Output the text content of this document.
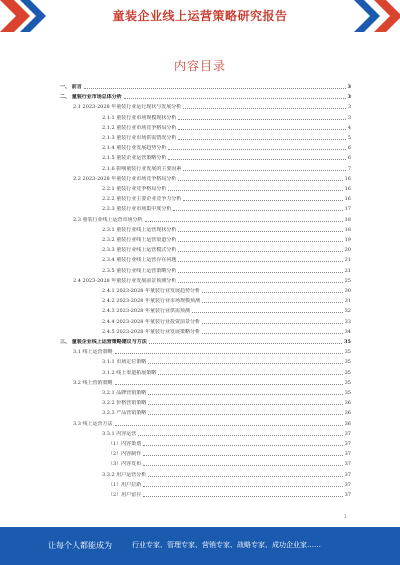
童装企业线上运营策略研究报告
内容目录
一、 前言	3
二、 童装行业市场总体分析	3
2.1 2023-2028 年童装行业运行现状与发展分析	3
2.1.1 童装行业市场规模现状分析	3
2.1.2 童装行业市场竞争格局分析	4
2.1.3 童装行业市场供需情况分析	5
2.1.4 童装行业发展趋势分析	6
2.1.5 童装企业运营策略分析	6
2.1.6 影响童装行业发展的主要因素	7
2.2 2023-2028 年童装行业市场竞争格局分析	16
2.2.1 童装行业竞争格局分析	16
2.2.2 童装行业主要企业竞争力分析	16
2.2.3 童装行业市场集中度分析	17
2.3 童装行业线上运营市场分析	18
2.3.1 童装行业线上运营现状分析	18
2.3.2 童装行业线上运营渠道分析	19
2.3.3 童装行业线上运营模式分析	20
2.3.4 童装行业线上运营存在问题	21
2.3.5 童装行业线上运营策略分析	21
2.4 2023-2028 年童装行业发展前景预测分析	25
2.4.1 2023-2028 年童装行业发展趋势分析	30
2.4.2 2023-2028 年童装行业市场规模预测	31
2.4.3 2023-2028 年童装行业供需预测	32
2.4.4 2023-2028 年童装行业投资前景分析	33
2.4.5 2023-2028 年童装行业发展策略分析	34
三、 童装企业线上运营策略建议与方法	35
3.1 线上运营策略	35
3.1.1 市场定位策略	35
3.1.2 线上渠道拓展策略	35
3.2 线上营销策略	35
3.2.1 品牌营销策略	35
3.2.2 价格营销策略	36
3.2.3 产品营销策略	36
3.3 线上运营方法	36
3.3.1 内容运营	37
（1）内容策划	37
（2）内容制作	37
（3）内容发布	37
3.3.2 用户运营分析	37
（1）用户拉新	37
（2）用户留存	37
1
让每个人都能成为	行业专家、管理专家、营销专家、战略专家、成功企业家……
